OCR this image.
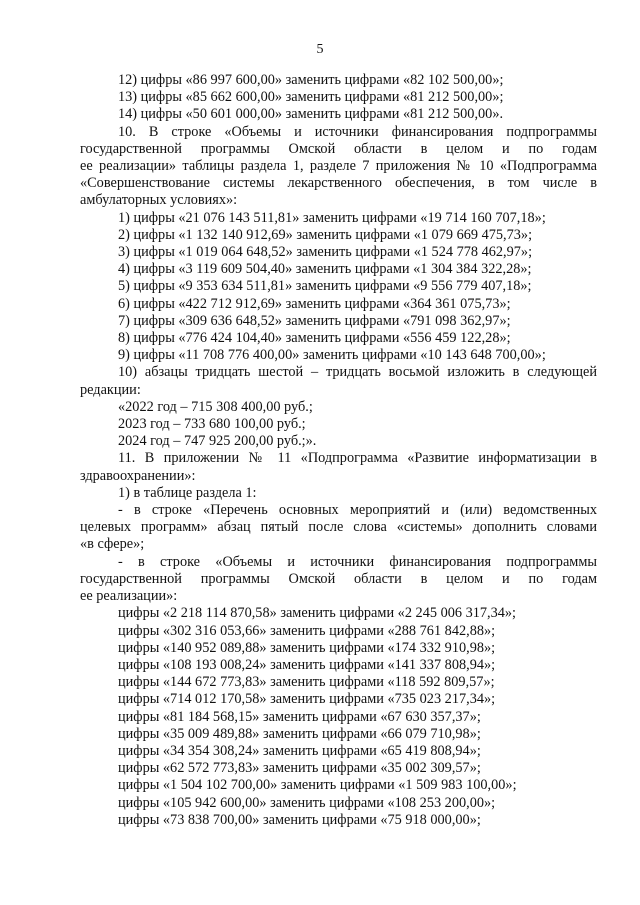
5

12) цифры «86 997 600,00» заменить цифрами «82 102 500,00»;

13) цифры «85 662 600,00» заменить цифрами «81 212 500,00»;

14) цифры «50 601 000,00» заменить цифрами «81 212 500,00».

10. В строке «Объемы и источники финансирования подпрограммы

государственной программы Омской области в целом и по годам

ее реализации» таблицы раздела 1, разделе 7 приложения № 10 «Подпрограмма

«Совершенствование системы лекарственного обеспечения, в том числе в

амбулаторных условиях»:

1) цифры «21 076 143 511,81» заменить цифрами «19 714 160 707,18»;

2) цифры «1 132 140 912,69» заменить цифрами «1 079 669 475,73»;

3) цифры «1 019 064 648,52» заменить цифрами «1 524 778 462,97»;

4) цифры «3 119 609 504,40» заменить цифрами «1 304 384 322,28»;

5) цифры «9 353 634 511,81» заменить цифрами «9 556 779 407,18»;

6) цифры «422 712 912,69» заменить цифрами «364 361 075,73»;

7) цифры «309 636 648,52» заменить цифрами «791 098 362,97»;

8) цифры «776 424 104,40» заменить цифрами «556 459 122,28»;

9) цифры «11 708 776 400,00» заменить цифрами «10 143 648 700,00»;

10) абзацы тридцать шестой – тридцать восьмой изложить в следующей

редакции:

«2022 год – 715 308 400,00 руб.;

2023 год – 733 680 100,00 руб.;

2024 год – 747 925 200,00 руб.;».

11. В приложении № 11 «Подпрограмма «Развитие информатизации в

здравоохранении»:

1) в таблице раздела 1:

- в строке «Перечень основных мероприятий и (или) ведомственных

целевых программ» абзац пятый после слова «системы» дополнить словами

«в сфере»;

- в строке «Объемы и источники финансирования подпрограммы

государственной программы Омской области в целом и по годам

ее реализации»:

цифры «2 218 114 870,58» заменить цифрами «2 245 006 317,34»;

цифры «302 316 053,66» заменить цифрами «288 761 842,88»;

цифры «140 952 089,88» заменить цифрами «174 332 910,98»;

цифры «108 193 008,24» заменить цифрами «141 337 808,94»;

цифры «144 672 773,83» заменить цифрами «118 592 809,57»;

цифры «714 012 170,58» заменить цифрами «735 023 217,34»;

цифры «81 184 568,15» заменить цифрами «67 630 357,37»;

цифры «35 009 489,88» заменить цифрами «66 079 710,98»;

цифры «34 354 308,24» заменить цифрами «65 419 808,94»;

цифры «62 572 773,83» заменить цифрами «35 002 309,57»;

цифры «1 504 102 700,00» заменить цифрами «1 509 983 100,00»;

цифры «105 942 600,00» заменить цифрами «108 253 200,00»;

цифры «73 838 700,00» заменить цифрами «75 918 000,00»;
